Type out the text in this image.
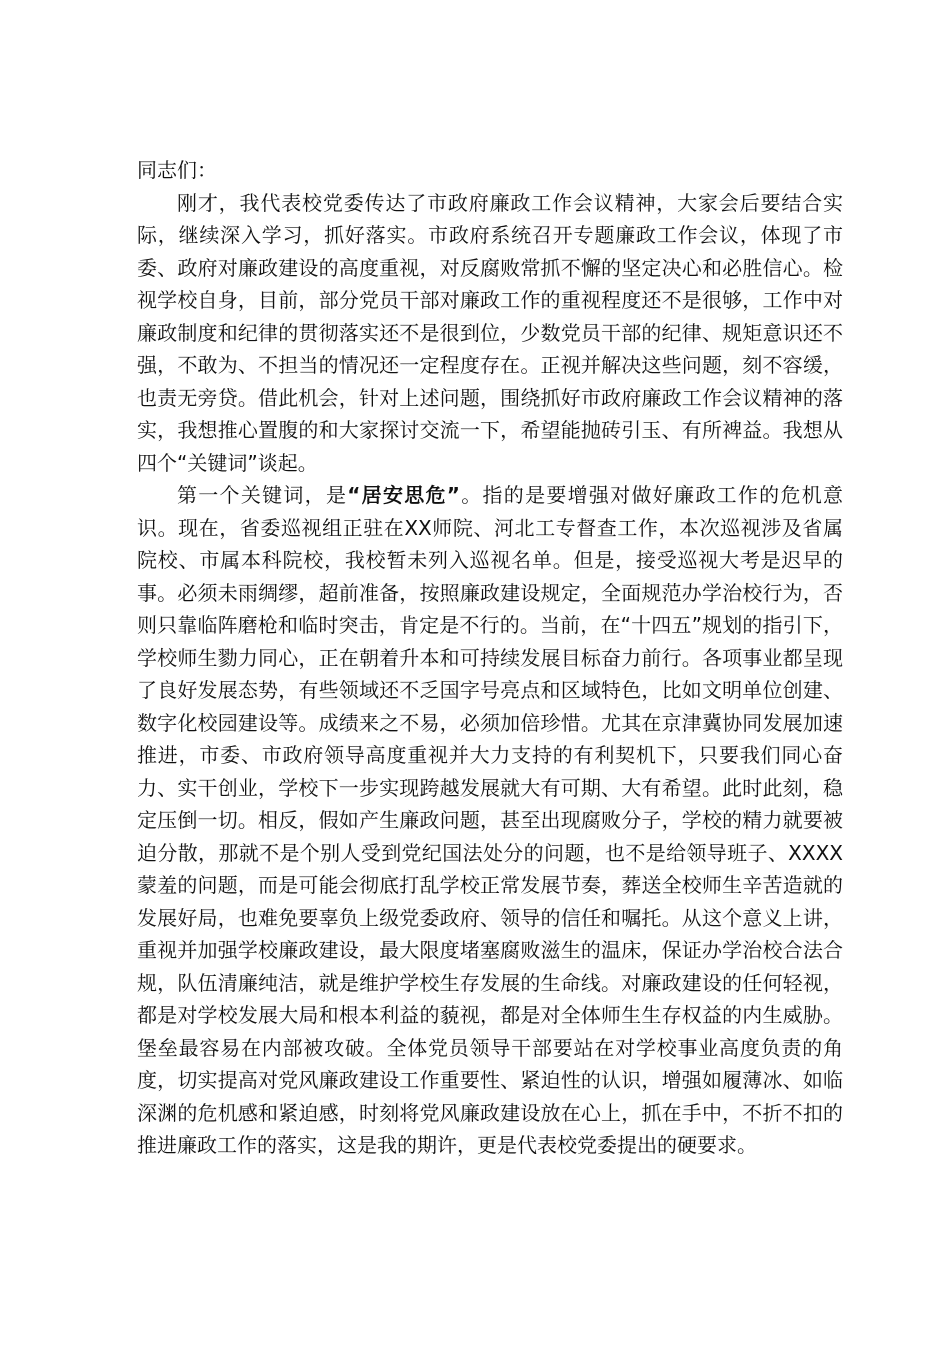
同志们：

刚才，我代表校党委传达了市政府廉政工作会议精神，大家会后要结合实际，继续深入学习，抓好落实。市政府系统召开专题廉政工作会议，体现了市委、政府对廉政建设的高度重视，对反腐败常抓不懈的坚定决心和必胜信心。检视学校自身，目前，部分党员干部对廉政工作的重视程度还不是很够，工作中对廉政制度和纪律的贯彻落实还不是很到位，少数党员干部的纪律、规矩意识还不强，不敢为、不担当的情况还一定程度存在。正视并解决这些问题，刻不容缓，也责无旁贷。借此机会，针对上述问题，围绕抓好市政府廉政工作会议精神的落实，我想推心置腹的和大家探讨交流一下，希望能抛砖引玉、有所裨益。我想从四个“关键词”谈起。

第一个关键词，是“居安思危”。指的是要增强对做好廉政工作的危机意识。现在，省委巡视组正驻在XX师院、河北工专督查工作，本次巡视涉及省属院校、市属本科院校，我校暂未列入巡视名单。但是，接受巡视大考是迟早的事。必须未雨绸缪，超前准备，按照廉政建设规定，全面规范办学治校行为，否则只靠临阵磨枪和临时突击，肯定是不行的。当前，在“十四五”规划的指引下，学校师生勠力同心，正在朝着升本和可持续发展目标奋力前行。各项事业都呈现了良好发展态势，有些领域还不乏国字号亮点和区域特色，比如文明单位创建、数字化校园建设等。成绩来之不易，必须加倍珍惜。尤其在京津冀协同发展加速推进，市委、市政府领导高度重视并大力支持的有利契机下，只要我们同心奋力、实干创业，学校下一步实现跨越发展就大有可期、大有希望。此时此刻，稳定压倒一切。相反，假如产生廉政问题，甚至出现腐败分子，学校的精力就要被迫分散，那就不是个别人受到党纪国法处分的问题，也不是给领导班子、XXXX蒙羞的问题，而是可能会彻底打乱学校正常发展节奏，葬送全校师生辛苦造就的发展好局，也难免要辜负上级党委政府、领导的信任和嘱托。从这个意义上讲，重视并加强学校廉政建设，最大限度堵塞腐败滋生的温床，保证办学治校合法合规，队伍清廉纯洁，就是维护学校生存发展的生命线。对廉政建设的任何轻视，都是对学校发展大局和根本利益的藐视，都是对全体师生生存权益的内生威胁。堡垒最容易在内部被攻破。全体党员领导干部要站在对学校事业高度负责的角度，切实提高对党风廉政建设工作重要性、紧迫性的认识，增强如履薄冰、如临深渊的危机感和紧迫感，时刻将党风廉政建设放在心上，抓在手中，不折不扣的推进廉政工作的落实，这是我的期许，更是代表校党委提出的硬要求。
